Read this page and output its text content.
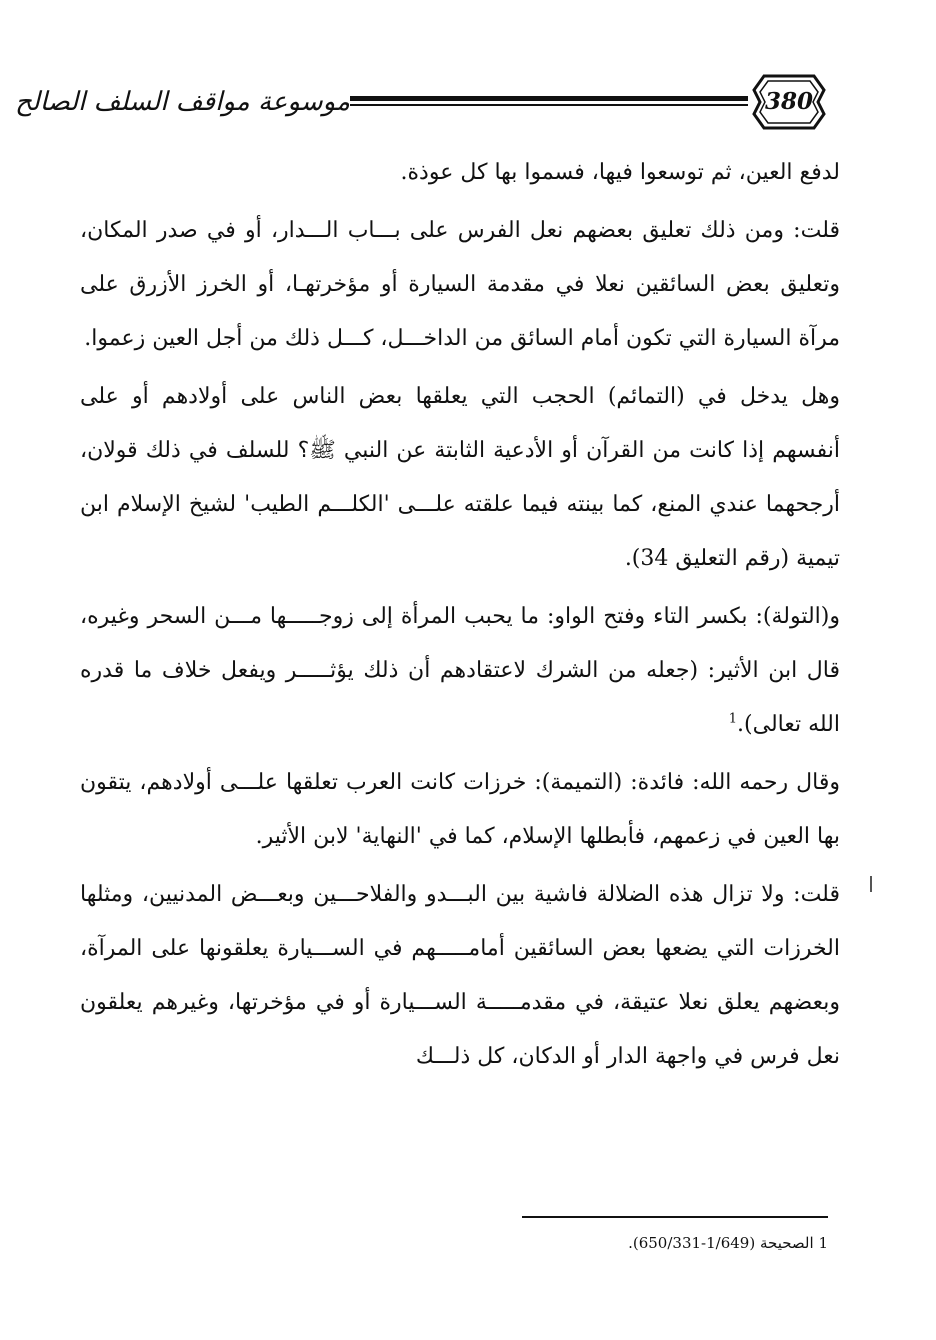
موسوعة مواقف السلف الصالح	380

لدفع العين، ثم توسعوا فيها، فسموا بها كل عوذة.

قلت: ومن ذلك تعليق بعضهم نعل الفرس على بـــاب الـــدار، أو في صدر المكان، وتعليق بعض السائقين نعلا في مقدمة السيارة أو مؤخرتهـا، أو الخرز الأزرق على مرآة السيارة التي تكون أمام السائق من الداخـــل، كـــل ذلك من أجل العين زعموا.

وهل يدخل في (التمائم) الحجب التي يعلقها بعض الناس على أولادهم أو على أنفسهم إذا كانت من القرآن أو الأدعية الثابتة عن النبي ﷺ؟ للسلف في ذلك قولان، أرجحهما عندي المنع، كما بينته فيما علقته علـــى 'الكلـــم الطيب' لشيخ الإسلام ابن تيمية (رقم التعليق 34).

و(التولة): بكسر التاء وفتح الواو: ما يحبب المرأة إلى زوجـــــها مـــن السحر وغيره، قال ابن الأثير: (جعله من الشرك لاعتقادهم أن ذلك يؤثـــــر ويفعل خلاف ما قدره الله تعالى).$^1$

وقال رحمه الله: فائدة: (التميمة): خرزات كانت العرب تعلقها علـــى أولادهم، يتقون بها العين في زعمهم، فأبطلها الإسلام، كما في 'النهاية' لابن الأثير.

قلت: ولا تزال هذه الضلالة فاشية بين البـــدو والفلاحـــين وبعـــض المدنيين، ومثلها الخرزات التي يضعها بعض السائقين أمامـــــهم في الســـيارة يعلقونها على المرآة، وبعضهم يعلق نعلا عتيقة، في مقدمـــــة الســـيارة أو في مؤخرتها، وغيرهم يعلقون نعل فرس في واجهة الدار أو الدكان، كل ذلـــك

1 الصحيحة (1/649-650/331).
